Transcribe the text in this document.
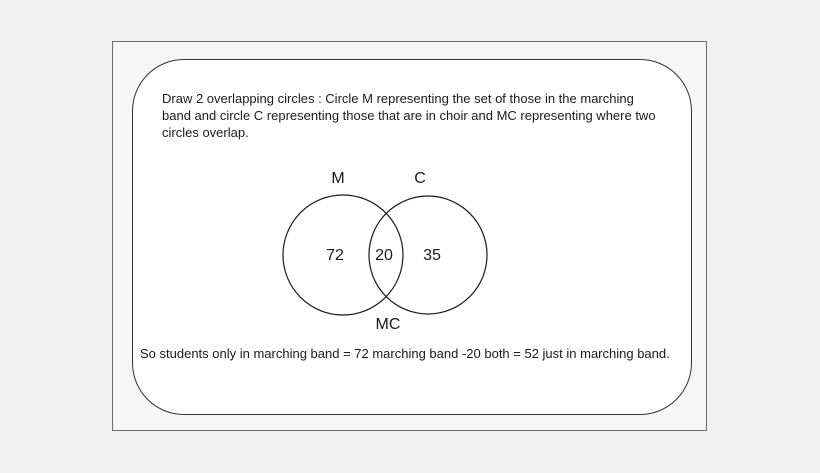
Draw 2 overlapping circles : Circle M representing the set of those in the marching band and circle C representing those that are in choir and MC representing where two circles overlap.

M	C
MC
72 20 35

So students only in marching band = 72 marching band -20 both = 52 just in marching band.
